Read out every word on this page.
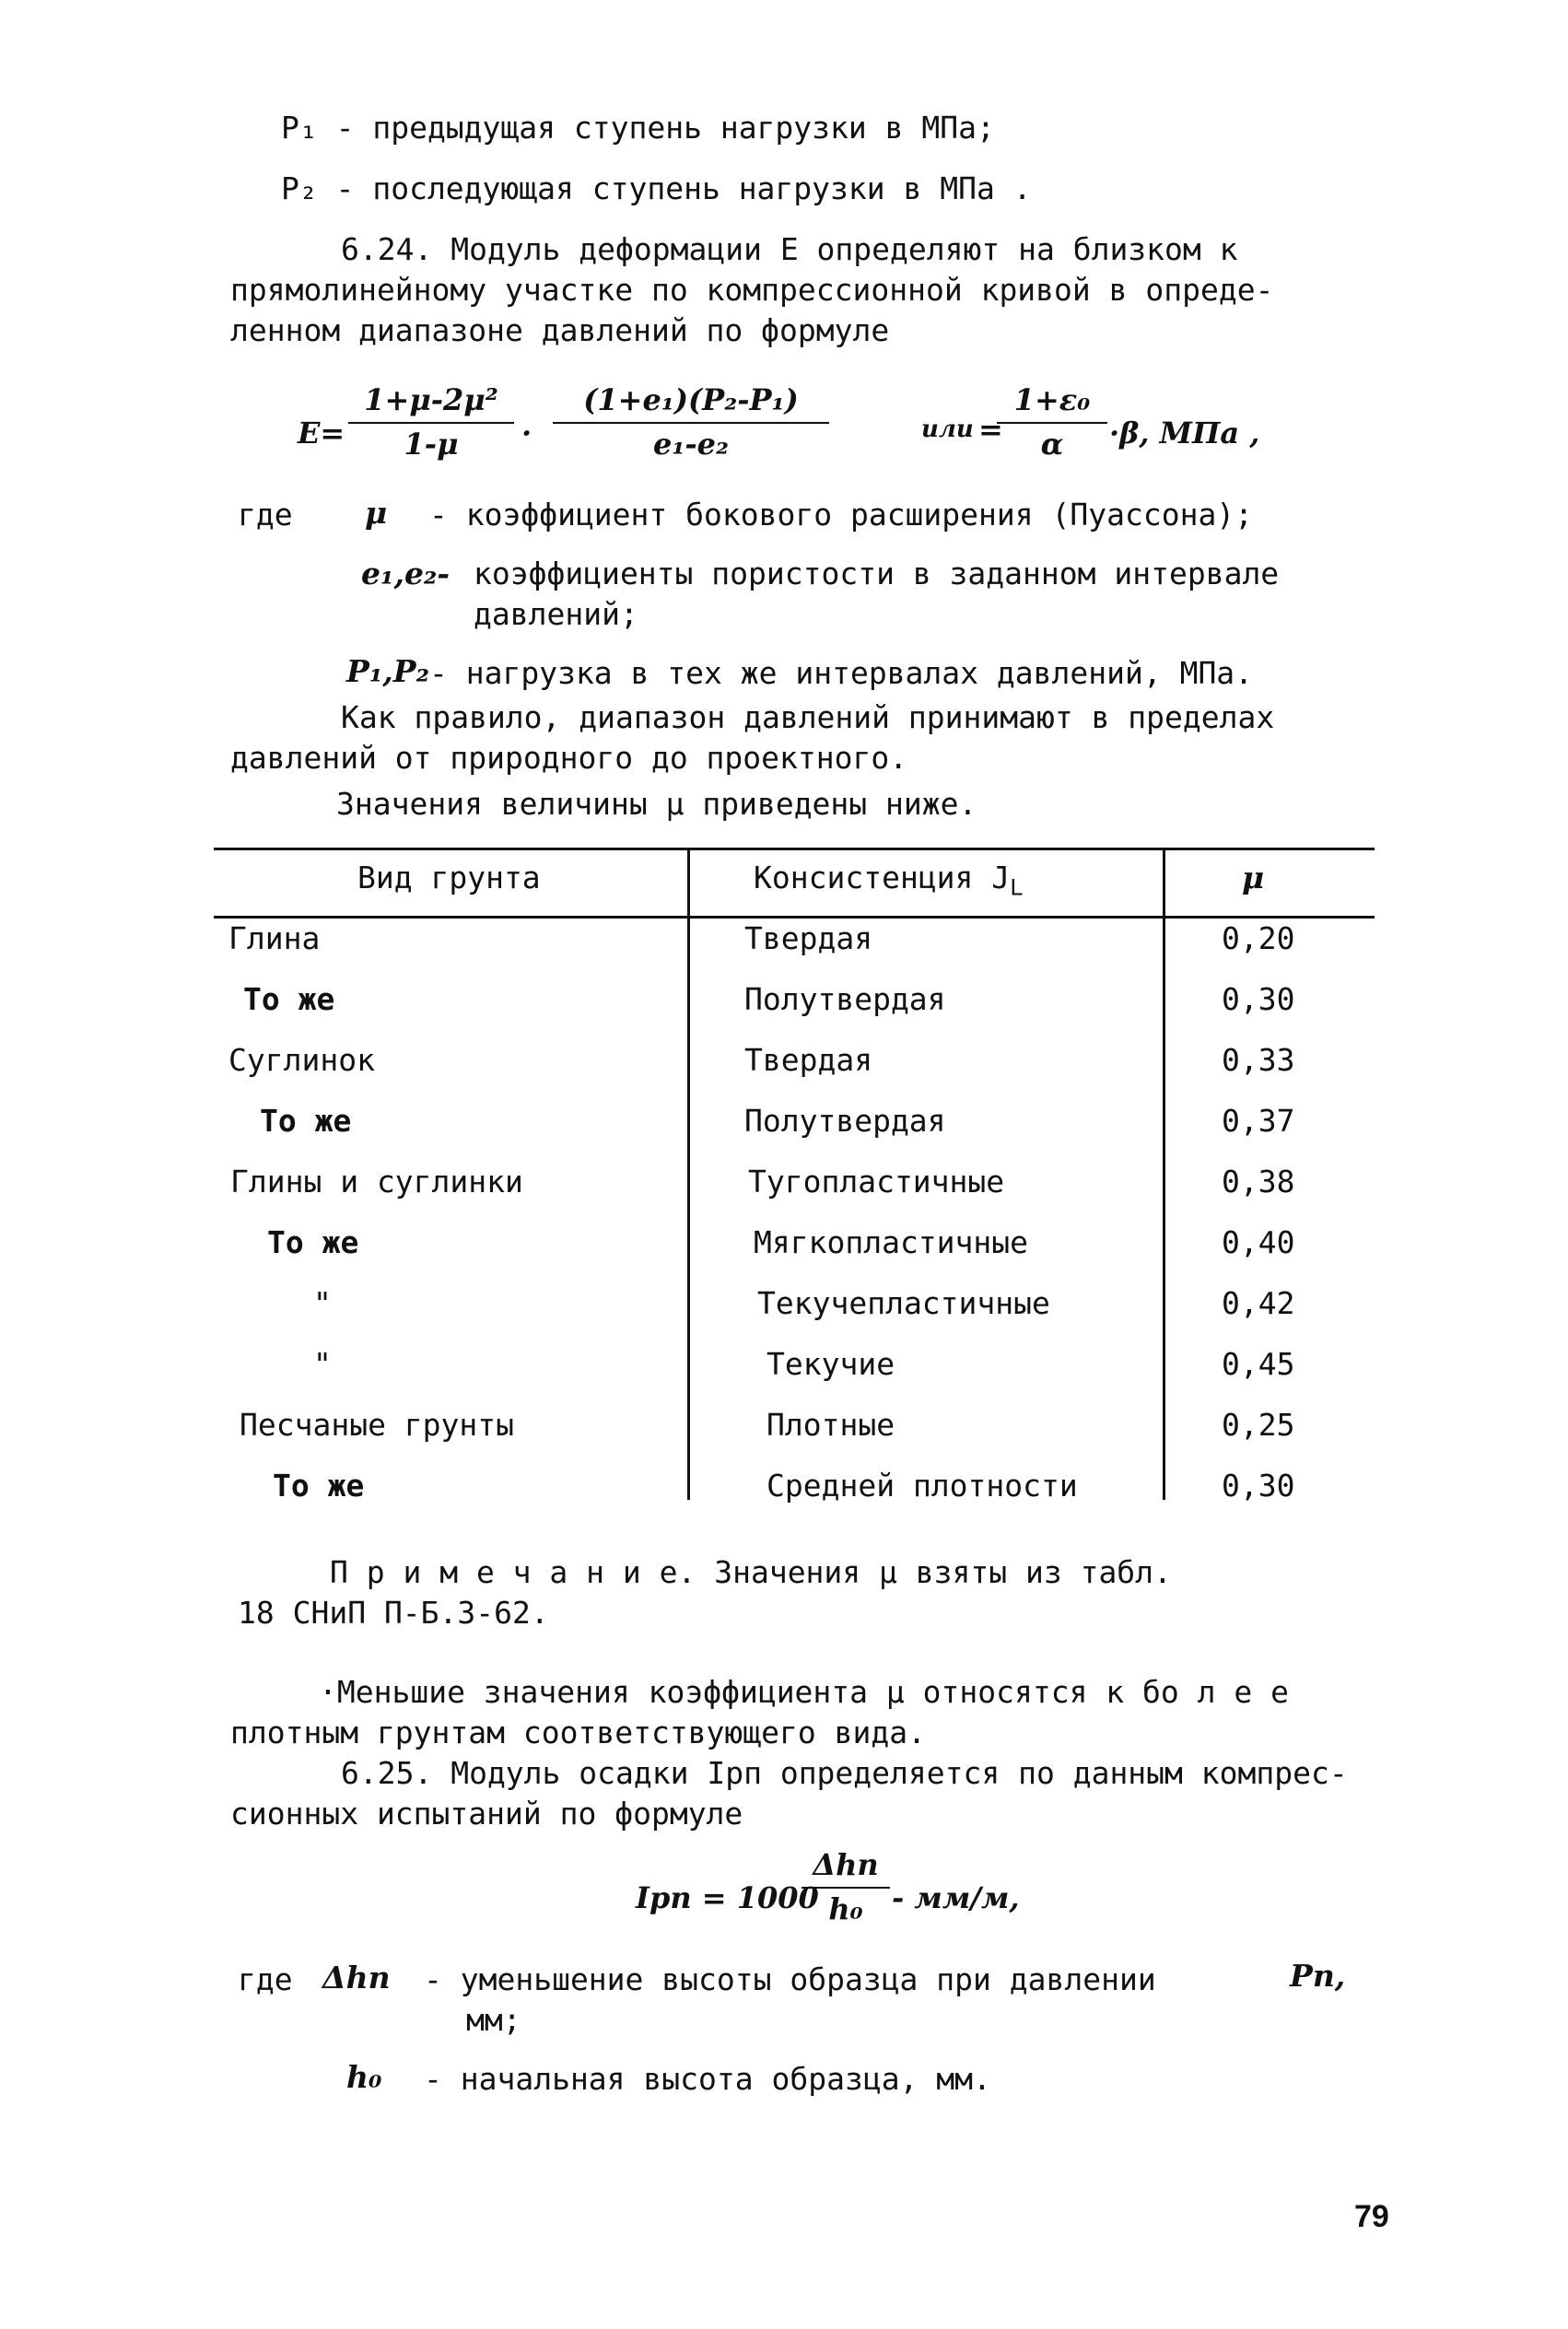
P₁ - предыдущая ступень нагрузки в МПа;
P₂ - последующая ступень нагрузки в МПа .
6.24. Модуль деформации Е определяют на близком к
прямолинейному участке по компрессионной кривой в опреде-
ленном диапазоне давлений по формуле
E=
1+μ-2μ²
1-μ	·
(1+e₁)(P₂-P₁)
e₁-e₂	или =
1+ε₀
α	·β, МПа ,
где μ - коэффициент бокового расширения (Пуассона);
e₁,e₂- коэффициенты пористости в заданном интервале
давлений;
P₁,P₂ - нагрузка в тех же интервалах давлений, МПа.
Как правило, диапазон давлений принимают в пределах
давлений от природного до проектного.
Значения величины μ приведены ниже.
Вид грунта	Консистенция $J_L$	μ
Глина	Твердая	0,20
То же	Полутвердая	0,30
Суглинок	Твердая	0,33
То же	Полутвердая	0,37
Глины и суглинки	Тугопластичные	0,38
То же	Мягкопластичные	0,40
"	Текучепластичные	0,42
"	Текучие	0,45
Песчаные грунты	Плотные	0,25
То же	Средней плотности	0,30
П р и м е ч а н и е. Значения μ взяты из табл.
18 СНиП П-Б.3-62.
·Меньшие значения коэффициента μ относятся к бо л е е
плотным грунтам соответствующего вида.
6.25. Модуль осадки Iрп определяется по данным компрес-
сионных испытаний по формуле
Iрп = 1000
Δhп
h₀ - мм/м,
где Δhп - уменьшение высоты образца при давлении	Pп,
мм;
h₀ - начальная высота образца, мм.
79
